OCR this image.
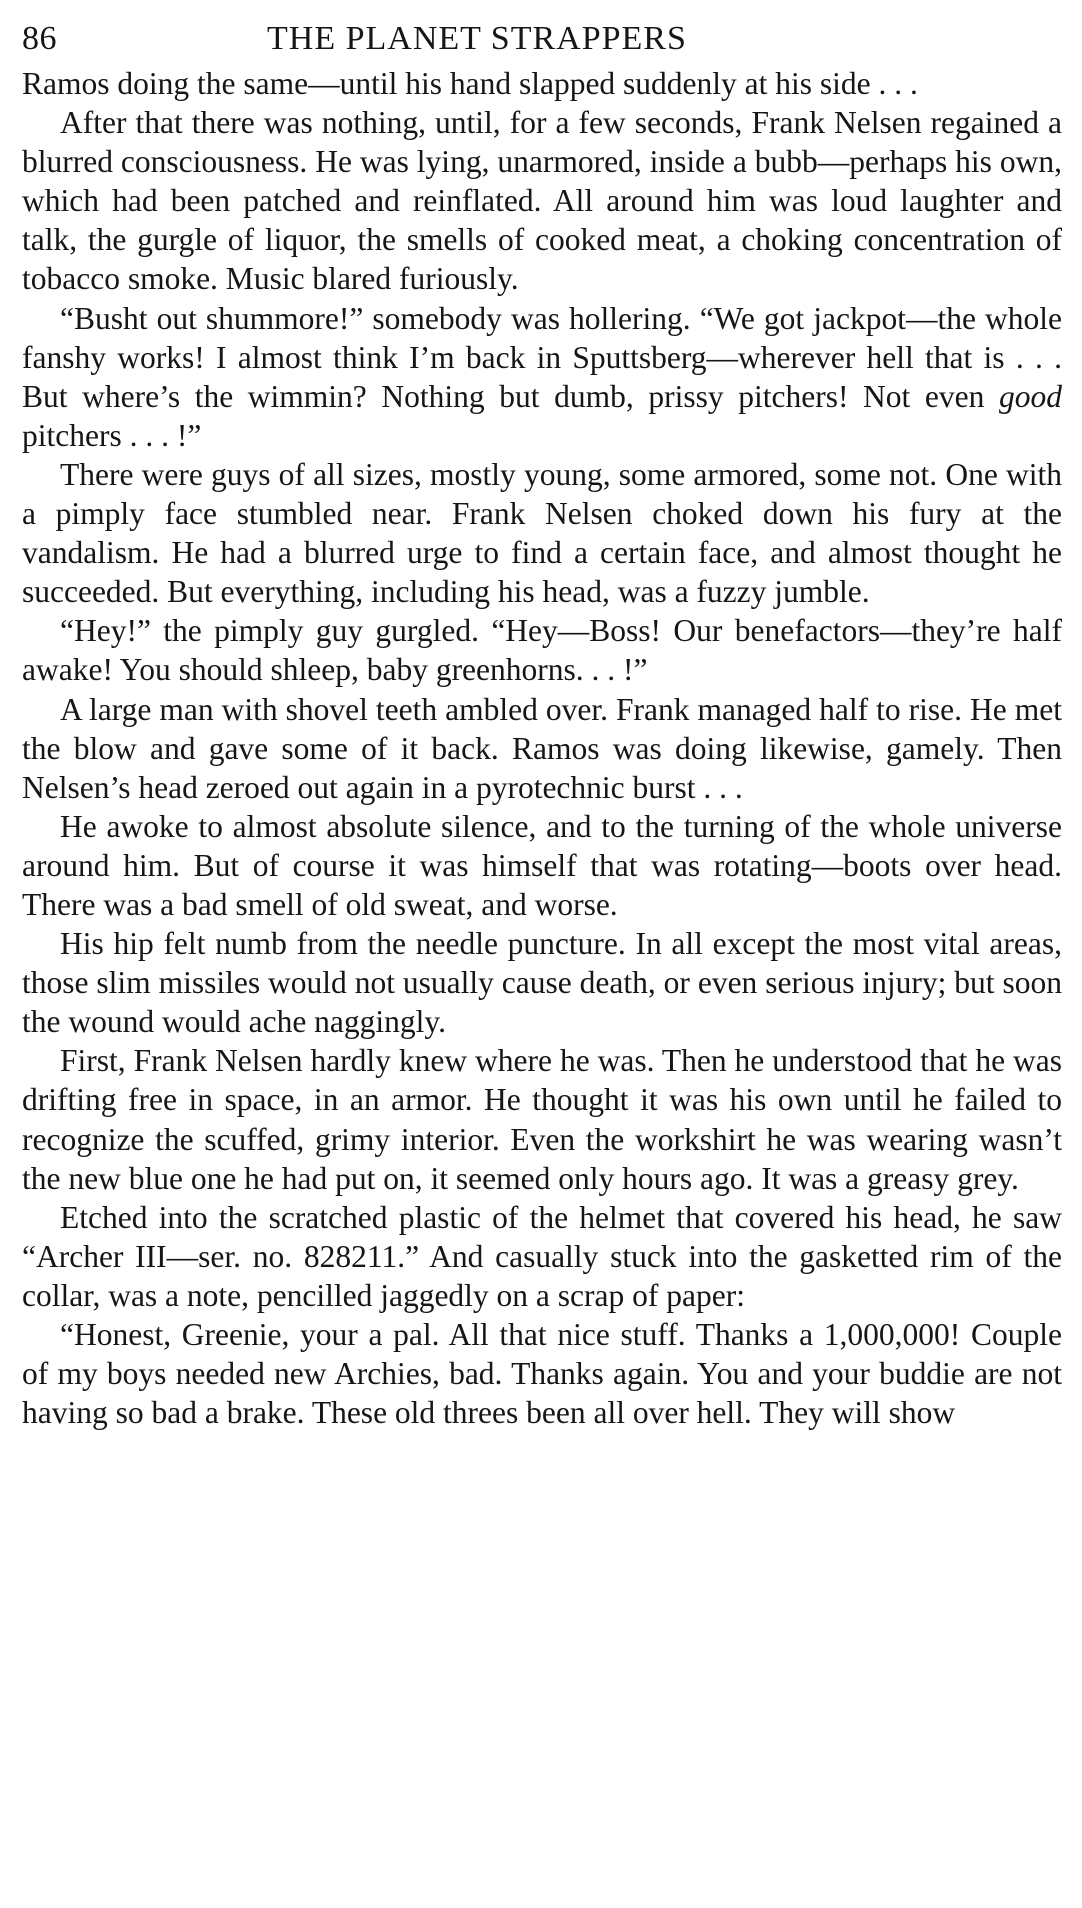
86	THE PLANET STRAPPERS

Ramos doing the same—until his hand slapped suddenly at his side . . .

After that there was nothing, until, for a few seconds, Frank Nelsen regained a blurred consciousness. He was lying, unarmored, inside a bubb—perhaps his own, which had been patched and reinflated. All around him was loud laughter and talk, the gurgle of liquor, the smells of cooked meat, a choking concentration of tobacco smoke. Music blared furiously.

“Busht out shummore!” somebody was hollering. “We got jackpot—the whole fanshy works! I almost think I’m back in Sputtsberg—wherever hell that is . . . But where’s the wimmin? Nothing but dumb, prissy pitchers! Not even good pitchers . . . !”

There were guys of all sizes, mostly young, some armored, some not. One with a pimply face stumbled near. Frank Nelsen choked down his fury at the vandalism. He had a blurred urge to find a certain face, and almost thought he succeeded. But everything, including his head, was a fuzzy jumble.

“Hey!” the pimply guy gurgled. “Hey—Boss! Our benefactors—they’re half awake! You should shleep, baby greenhorns. . . !”

A large man with shovel teeth ambled over. Frank managed half to rise. He met the blow and gave some of it back. Ramos was doing likewise, gamely. Then Nelsen’s head zeroed out again in a pyrotechnic burst . . .

He awoke to almost absolute silence, and to the turning of the whole universe around him. But of course it was himself that was rotating—boots over head. There was a bad smell of old sweat, and worse.

His hip felt numb from the needle puncture. In all except the most vital areas, those slim missiles would not usually cause death, or even serious injury; but soon the wound would ache naggingly.

First, Frank Nelsen hardly knew where he was. Then he understood that he was drifting free in space, in an armor. He thought it was his own until he failed to recognize the scuffed, grimy interior. Even the workshirt he was wearing wasn’t the new blue one he had put on, it seemed only hours ago. It was a greasy grey.

Etched into the scratched plastic of the helmet that covered his head, he saw “Archer III—ser. no. 828211.” And casually stuck into the gasketted rim of the collar, was a note, pencilled jaggedly on a scrap of paper:

“Honest, Greenie, your a pal. All that nice stuff. Thanks a 1,000,000! Couple of my boys needed new Archies, bad. Thanks again. You and your buddie are not having so bad a brake. These old threes been all over hell. They will show
